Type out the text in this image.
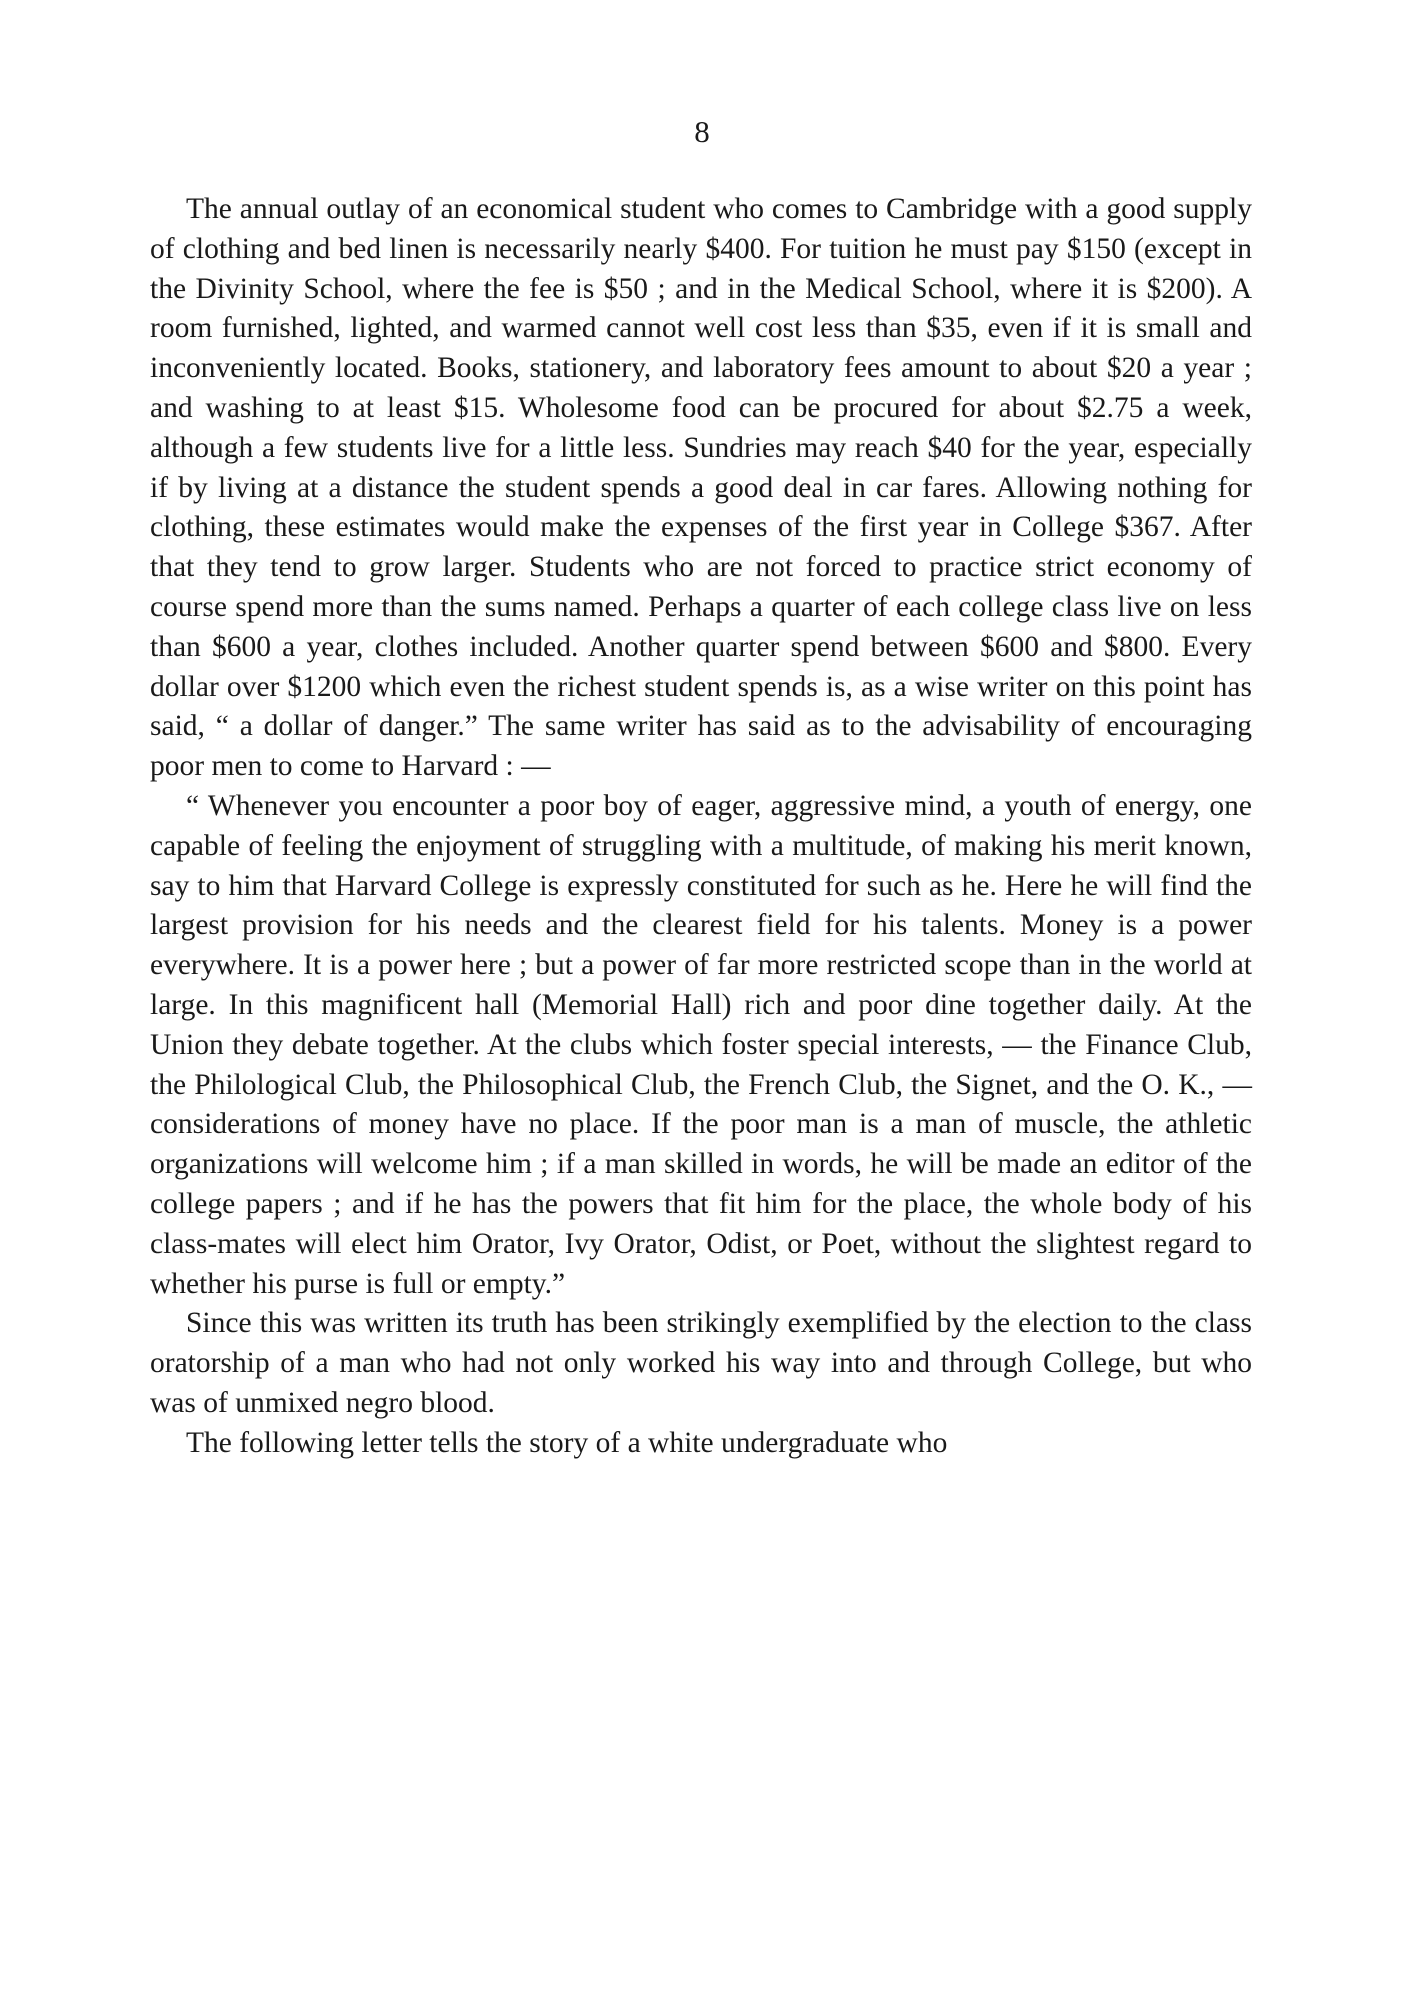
8

The annual outlay of an economical student who comes to Cambridge with a good supply of clothing and bed linen is necessarily nearly $400. For tuition he must pay $150 (except in the Divinity School, where the fee is $50 ; and in the Medical School, where it is $200). A room furnished, lighted, and warmed cannot well cost less than $35, even if it is small and inconveniently located. Books, stationery, and laboratory fees amount to about $20 a year ; and washing to at least $15. Wholesome food can be procured for about $2.75 a week, although a few students live for a little less. Sundries may reach $40 for the year, especially if by living at a distance the student spends a good deal in car fares. Allowing nothing for clothing, these estimates would make the expenses of the first year in College $367. After that they tend to grow larger. Students who are not forced to practice strict economy of course spend more than the sums named. Perhaps a quarter of each college class live on less than $600 a year, clothes included. Another quarter spend between $600 and $800. Every dollar over $1200 which even the richest student spends is, as a wise writer on this point has said, “ a dollar of danger.” The same writer has said as to the advisability of encouraging poor men to come to Harvard : —

“ Whenever you encounter a poor boy of eager, aggressive mind, a youth of energy, one capable of feeling the enjoyment of struggling with a multitude, of making his merit known, say to him that Harvard College is expressly constituted for such as he. Here he will find the largest provision for his needs and the clearest field for his talents. Money is a power everywhere. It is a power here ; but a power of far more restricted scope than in the world at large. In this magnificent hall (Memorial Hall) rich and poor dine together daily. At the Union they debate together. At the clubs which foster special interests, — the Finance Club, the Philological Club, the Philosophical Club, the French Club, the Signet, and the O. K., — considerations of money have no place. If the poor man is a man of muscle, the athletic organizations will welcome him ; if a man skilled in words, he will be made an editor of the college papers ; and if he has the powers that fit him for the place, the whole body of his class-mates will elect him Orator, Ivy Orator, Odist, or Poet, without the slightest regard to whether his purse is full or empty.”

Since this was written its truth has been strikingly exemplified by the election to the class oratorship of a man who had not only worked his way into and through College, but who was of unmixed negro blood.

The following letter tells the story of a white undergraduate who
